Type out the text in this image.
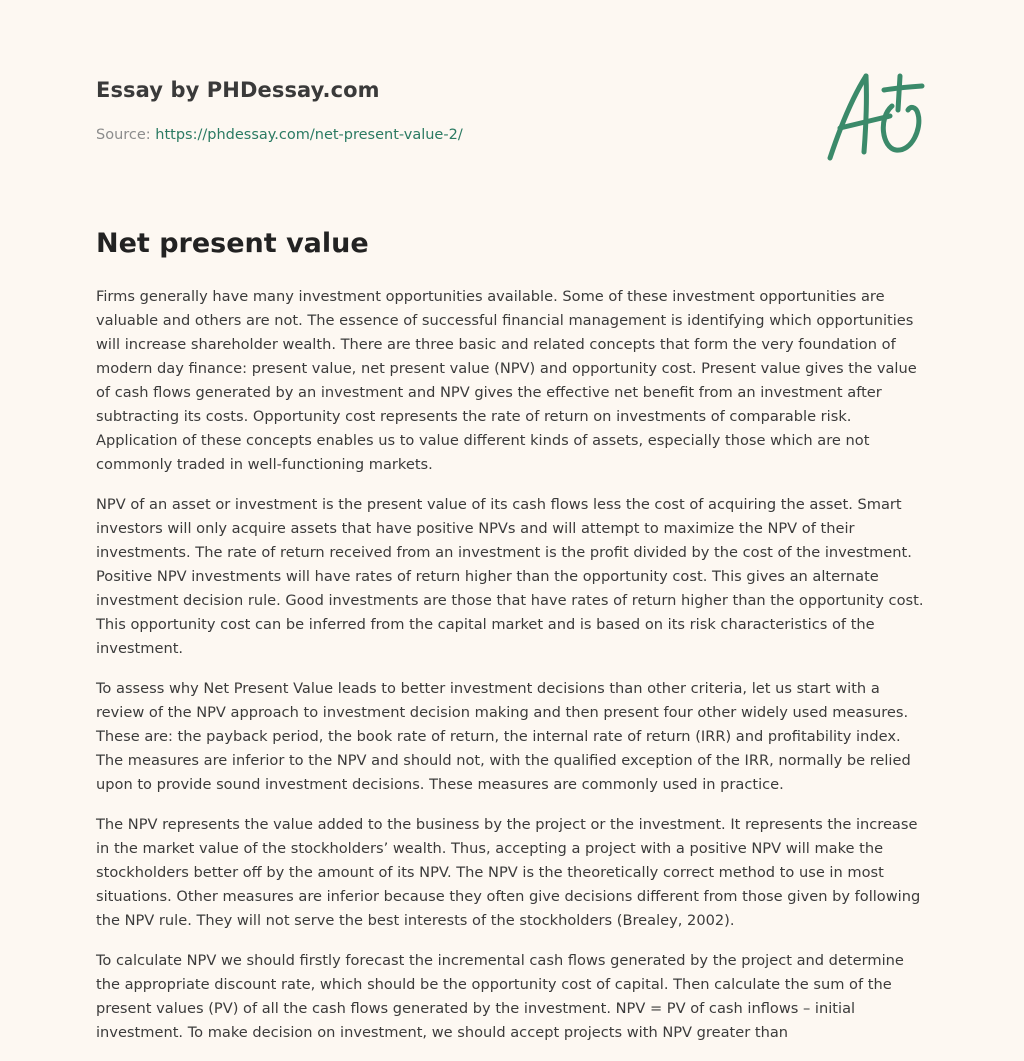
Essay by PHDessay.com
Source: https://phdessay.com/net-present-value-2/
Net present value

Firms generally have many investment opportunities available. Some of these investment opportunities are valuable and others are not. The essence of successful financial management is identifying which opportunities will increase shareholder wealth. There are three basic and related concepts that form the very foundation of modern day finance: present value, net present value (NPV) and opportunity cost. Present value gives the value of cash flows generated by an investment and NPV gives the effective net benefit from an investment after subtracting its costs. Opportunity cost represents the rate of return on investments of comparable risk. Application of these concepts enables us to value different kinds of assets, especially those which are not commonly traded in well-functioning markets.

NPV of an asset or investment is the present value of its cash flows less the cost of acquiring the asset. Smart investors will only acquire assets that have positive NPVs and will attempt to maximize the NPV of their investments. The rate of return received from an investment is the profit divided by the cost of the investment. Positive NPV investments will have rates of return higher than the opportunity cost. This gives an alternate investment decision rule. Good investments are those that have rates of return higher than the opportunity cost. This opportunity cost can be inferred from the capital market and is based on its risk characteristics of the investment.

To assess why Net Present Value leads to better investment decisions than other criteria, let us start with a review of the NPV approach to investment decision making and then present four other widely used measures. These are: the payback period, the book rate of return, the internal rate of return (IRR) and profitability index. The measures are inferior to the NPV and should not, with the qualified exception of the IRR, normally be relied upon to provide sound investment decisions. These measures are commonly used in practice.

The NPV represents the value added to the business by the project or the investment. It represents the increase in the market value of the stockholders’ wealth. Thus, accepting a project with a positive NPV will make the stockholders better off by the amount of its NPV. The NPV is the theoretically correct method to use in most situations. Other measures are inferior because they often give decisions different from those given by following the NPV rule. They will not serve the best interests of the stockholders (Brealey, 2002).

To calculate NPV we should firstly forecast the incremental cash flows generated by the project and determine the appropriate discount rate, which should be the opportunity cost of capital. Then calculate the sum of the present values (PV) of all the cash flows generated by the investment. NPV = PV of cash inflows – initial investment. To make decision on investment, we should accept projects with NPV greater than
